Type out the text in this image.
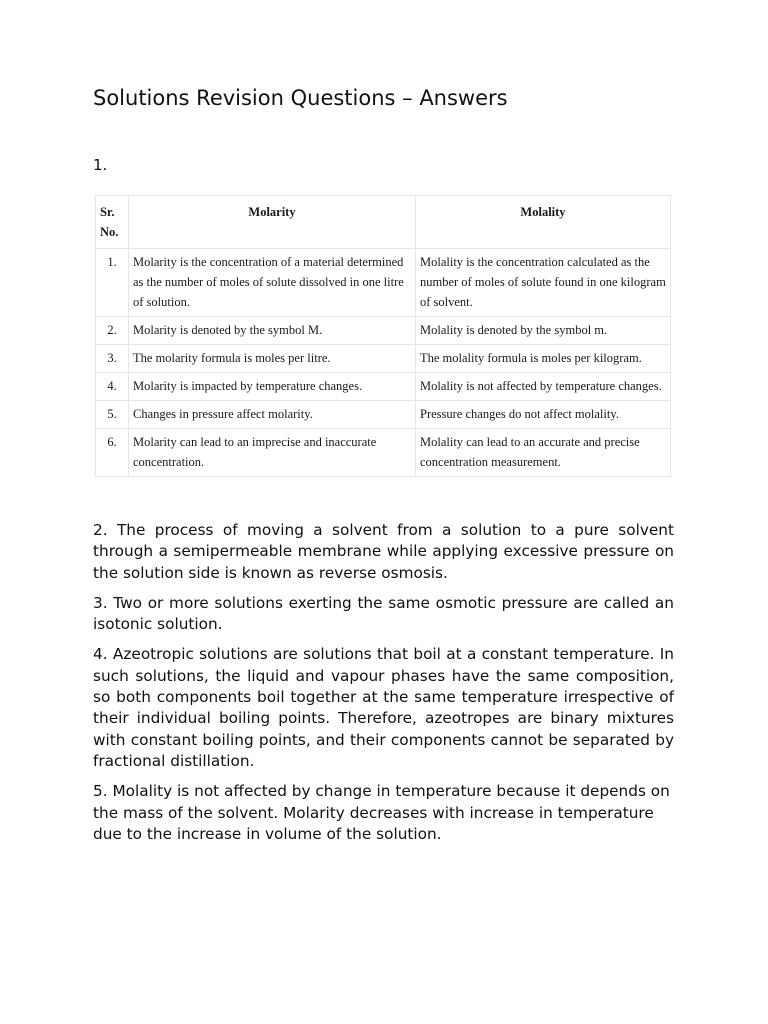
Solutions Revision Questions – Answers

1.

Sr. No.	Molarity	Molality
1.	Molarity is the concentration of a material determined as the number of moles of solute dissolved in one litre of solution.	Molality is the concentration calculated as the number of moles of solute found in one kilogram of solvent.
2.	Molarity is denoted by the symbol M.	Molality is denoted by the symbol m.
3.	The molarity formula is moles per litre.	The molality formula is moles per kilogram.
4.	Molarity is impacted by temperature changes.	Molality is not affected by temperature changes.
5.	Changes in pressure affect molarity.	Pressure changes do not affect molality.
6.	Molarity can lead to an imprecise and inaccurate concentration.	Molality can lead to an accurate and precise concentration measurement.

2. The process of moving a solvent from a solution to a pure solvent through a semipermeable membrane while applying excessive pressure on the solution side is known as reverse osmosis.

3. Two or more solutions exerting the same osmotic pressure are called an isotonic solution.

4. Azeotropic solutions are solutions that boil at a constant temperature. In such solutions, the liquid and vapour phases have the same composition, so both components boil together at the same temperature irrespective of their individual boiling points. Therefore, azeotropes are binary mixtures with constant boiling points, and their components cannot be separated by fractional distillation.

5. Molality is not affected by change in temperature because it depends on the mass of the solvent. Molarity decreases with increase in temperature due to the increase in volume of the solution.
